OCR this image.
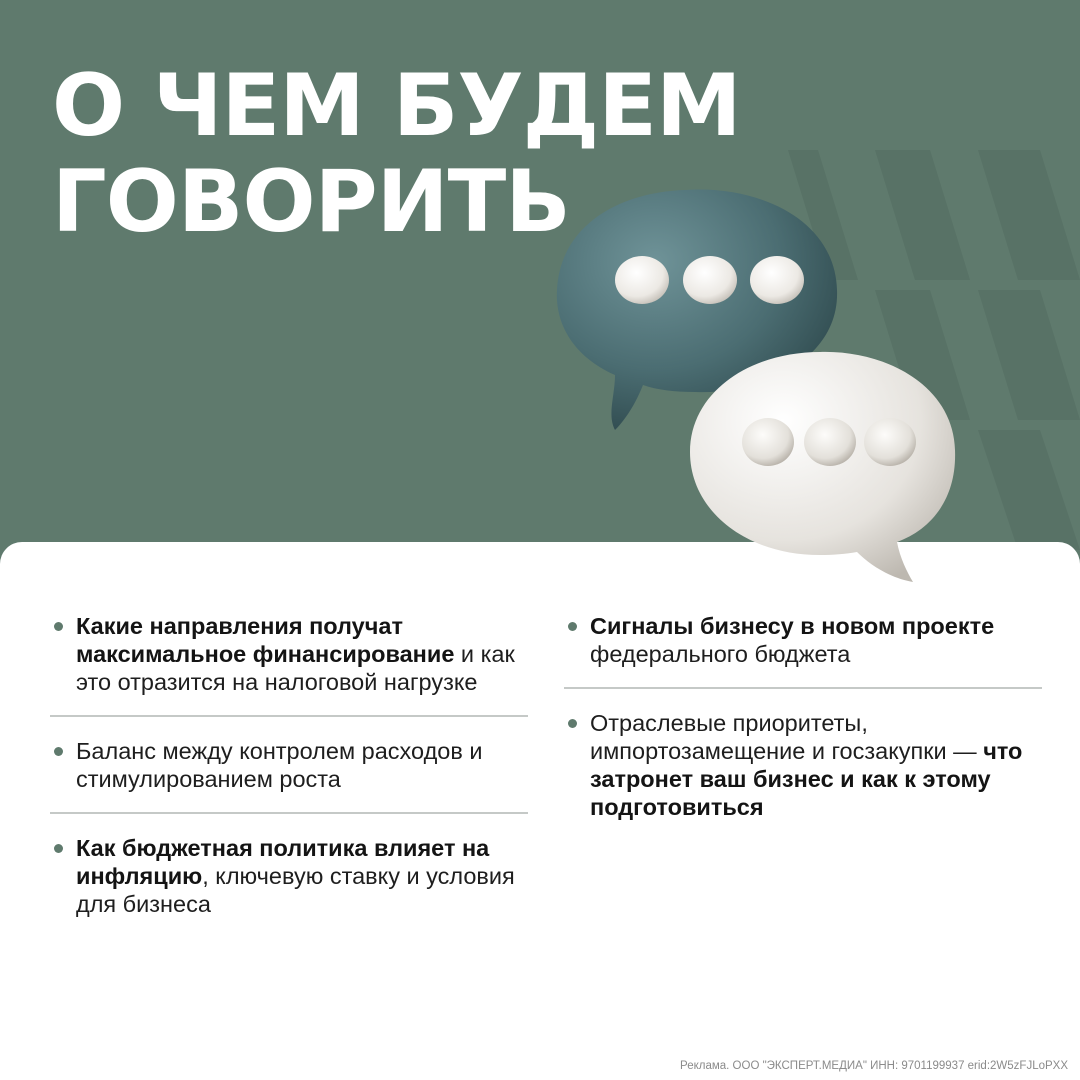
О ЧЕМ БУДЕМ
ГОВОРИТЬ
Какие направления получат максимальное финансирование и как это отразится на налоговой нагрузке
Баланс между контролем расходов и стимулированием роста
Как бюджетная политика влияет на инфляцию, ключевую ставку и условия для бизнеса
Сигналы бизнесу в новом проекте федерального бюджета
Отраслевые приоритеты, импортозамещение и госзакупки — что затронет ваш бизнес и как к этому подготовиться
Реклама. ООО "ЭКСПЕРТ.МЕДИА" ИНН: 9701199937 erid:2W5zFJLoPXX
